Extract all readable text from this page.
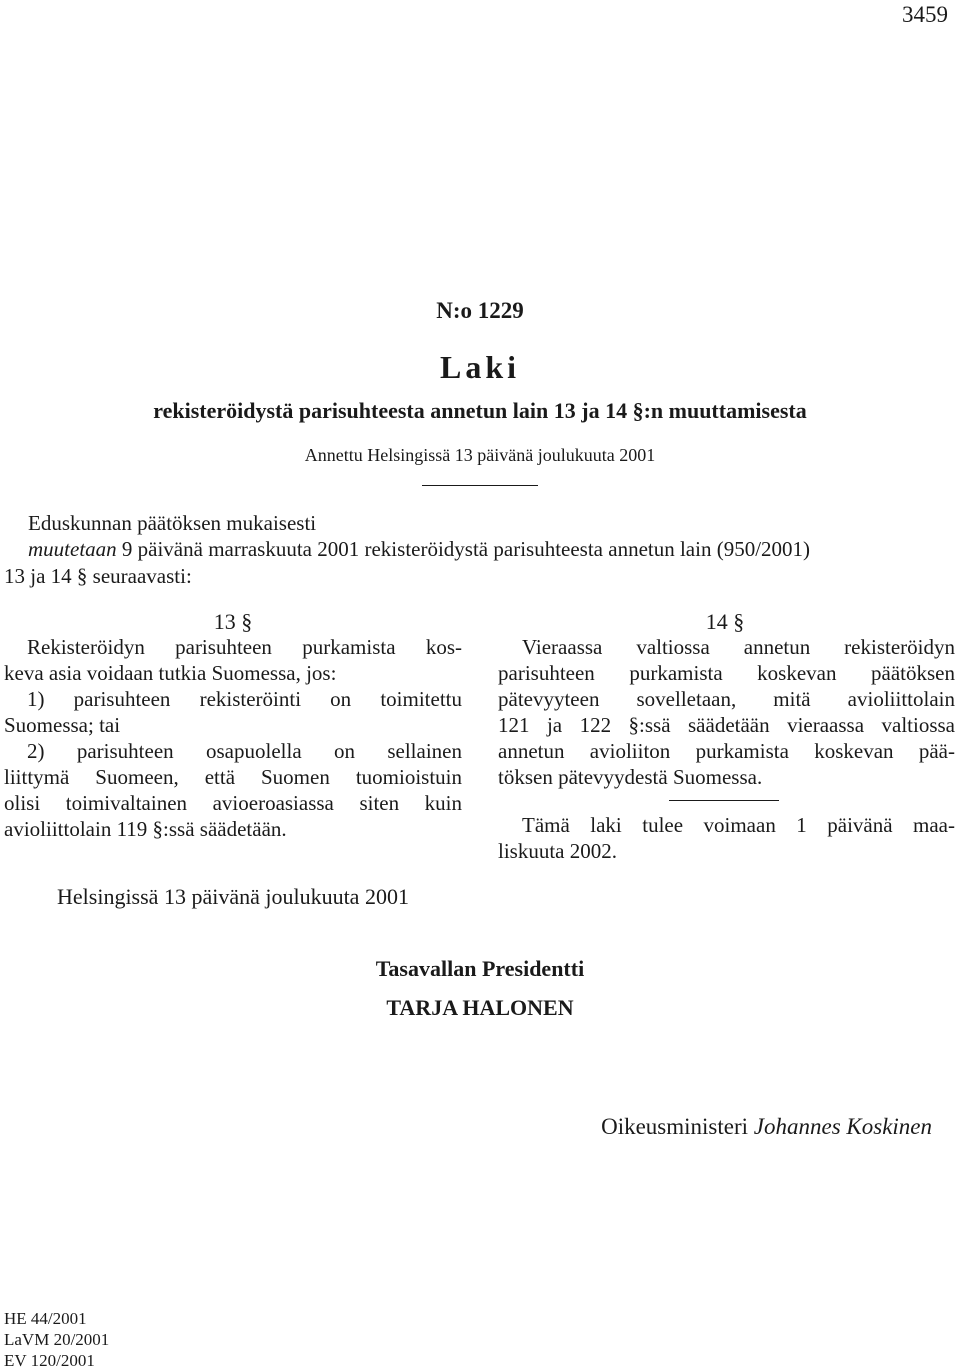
3459
N:o 1229
Laki
rekisteröidystä parisuhteesta annetun lain 13 ja 14 §:n muuttamisesta
Annettu Helsingissä 13 päivänä joulukuuta 2001
Eduskunnan päätöksen mukaisesti
muutetaan 9 päivänä marraskuuta 2001 rekisteröidystä parisuhteesta annetun lain (950/2001)
13 ja 14 § seuraavasti:
13 §
Rekisteröidyn parisuhteen purkamista kos-
keva asia voidaan tutkia Suomessa, jos:
1) parisuhteen rekisteröinti on toimitettu
Suomessa; tai
2) parisuhteen osapuolella on sellainen
liittymä Suomeen, että Suomen tuomioistuin
olisi toimivaltainen avioeroasiassa siten kuin
avioliittolain 119 §:ssä säädetään.
14 §
Vieraassa valtiossa annetun rekisteröidyn
parisuhteen purkamista koskevan päätöksen
pätevyyteen sovelletaan, mitä avioliittolain
121 ja 122 §:ssä säädetään vieraassa valtiossa
annetun avioliiton purkamista koskevan pää-
töksen pätevyydestä Suomessa.
Tämä laki tulee voimaan 1 päivänä maa-
liskuuta 2002.
Helsingissä 13 päivänä joulukuuta 2001
Tasavallan Presidentti
TARJA HALONEN
Oikeusministeri Johannes Koskinen
HE 44/2001
LaVM 20/2001
EV 120/2001
